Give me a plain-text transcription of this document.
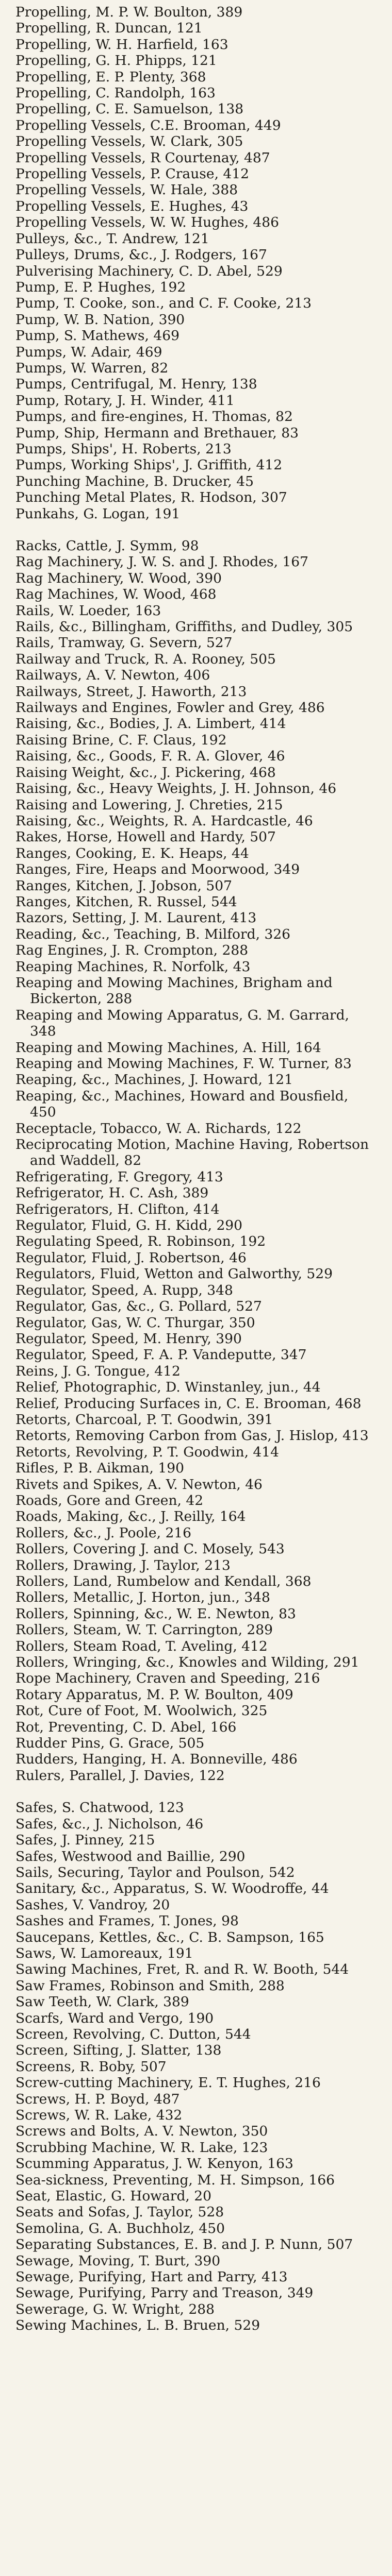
Propelling, M. P. W. Boulton, 389
Propelling, R. Duncan, 121
Propelling, W. H. Harfield, 163
Propelling, G. H. Phipps, 121
Propelling, E. P. Plenty, 368
Propelling, C. Randolph, 163
Propelling, C. E. Samuelson, 138
Propelling Vessels, C.E. Brooman, 449
Propelling Vessels, W. Clark, 305
Propelling Vessels, R Courtenay, 487
Propelling Vessels, P. Crause, 412
Propelling Vessels, W. Hale, 388
Propelling Vessels, E. Hughes, 43
Propelling Vessels, W. W. Hughes, 486
Pulleys, &c., T. Andrew, 121
Pulleys, Drums, &c., J. Rodgers, 167
Pulverising Machinery, C. D. Abel, 529
Pump, E. P. Hughes, 192
Pump, T. Cooke, son., and C. F. Cooke, 213
Pump, W. B. Nation, 390
Pump, S. Mathews, 469
Pumps, W. Adair, 469
Pumps, W. Warren, 82
Pumps, Centrifugal, M. Henry, 138
Pump, Rotary, J. H. Winder, 411
Pumps, and fire-engines, H. Thomas, 82
Pump, Ship, Hermann and Brethauer, 83
Pumps, Ships', H. Roberts, 213
Pumps, Working Ships', J. Griffith, 412
Punching Machine, B. Drucker, 45
Punching Metal Plates, R. Hodson, 307
Punkahs, G. Logan, 191
Racks, Cattle, J. Symm, 98
Rag Machinery, J. W. S. and J. Rhodes, 167
Rag Machinery, W. Wood, 390
Rag Machines, W. Wood, 468
Rails, W. Loeder, 163
Rails, &c., Billingham, Griffiths, and Dudley, 305
Rails, Tramway, G. Severn, 527
Railway and Truck, R. A. Rooney, 505
Railways, A. V. Newton, 406
Railways, Street, J. Haworth, 213
Railways and Engines, Fowler and Grey, 486
Raising, &c., Bodies, J. A. Limbert, 414
Raising Brine, C. F. Claus, 192
Raising, &c., Goods, F. R. A. Glover, 46
Raising Weight, &c., J. Pickering, 468
Raising, &c., Heavy Weights, J. H. Johnson, 46
Raising and Lowering, J. Chreties, 215
Raising, &c., Weights, R. A. Hardcastle, 46
Rakes, Horse, Howell and Hardy, 507
Ranges, Cooking, E. K. Heaps, 44
Ranges, Fire, Heaps and Moorwood, 349
Ranges, Kitchen, J. Jobson, 507
Ranges, Kitchen, R. Russel, 544
Razors, Setting, J. M. Laurent, 413
Reading, &c., Teaching, B. Milford, 326
Rag Engines, J. R. Crompton, 288
Reaping Machines, R. Norfolk, 43
Reaping and Mowing Machines, Brigham and Bickerton, 288
Reaping and Mowing Apparatus, G. M. Garrard, 348
Reaping and Mowing Machines, A. Hill, 164
Reaping and Mowing Machines, F. W. Turner, 83
Reaping, &c., Machines, J. Howard, 121
Reaping, &c., Machines, Howard and Bousfield, 450
Receptacle, Tobacco, W. A. Richards, 122
Reciprocating Motion, Machine Having, Robertson and Waddell, 82
Refrigerating, F. Gregory, 413
Refrigerator, H. C. Ash, 389
Refrigerators, H. Clifton, 414
Regulator, Fluid, G. H. Kidd, 290
Regulating Speed, R. Robinson, 192
Regulator, Fluid, J. Robertson, 46
Regulators, Fluid, Wetton and Galworthy, 529
Regulator, Speed, A. Rupp, 348
Regulator, Gas, &c., G. Pollard, 527
Regulator, Gas, W. C. Thurgar, 350
Regulator, Speed, M. Henry, 390
Regulator, Speed, F. A. P. Vandeputte, 347
Reins, J. G. Tongue, 412
Relief, Photographic, D. Winstanley, jun., 44
Relief, Producing Surfaces in, C. E. Brooman, 468
Retorts, Charcoal, P. T. Goodwin, 391
Retorts, Removing Carbon from Gas, J. Hislop, 413
Retorts, Revolving, P. T. Goodwin, 414
Rifles, P. B. Aikman, 190
Rivets and Spikes, A. V. Newton, 46
Roads, Gore and Green, 42
Roads, Making, &c., J. Reilly, 164
Rollers, &c., J. Poole, 216
Rollers, Covering J. and C. Mosely, 543
Rollers, Drawing, J. Taylor, 213
Rollers, Land, Rumbelow and Kendall, 368
Rollers, Metallic, J. Horton, jun., 348
Rollers, Spinning, &c., W. E. Newton, 83
Rollers, Steam, W. T. Carrington, 289
Rollers, Steam Road, T. Aveling, 412
Rollers, Wringing, &c., Knowles and Wilding, 291
Rope Machinery, Craven and Speeding, 216
Rotary Apparatus, M. P. W. Boulton, 409
Rot, Cure of Foot, M. Woolwich, 325
Rot, Preventing, C. D. Abel, 166
Rudder Pins, G. Grace, 505
Rudders, Hanging, H. A. Bonneville, 486
Rulers, Parallel, J. Davies, 122
Safes, S. Chatwood, 123
Safes, &c., J. Nicholson, 46
Safes, J. Pinney, 215
Safes, Westwood and Baillie, 290
Sails, Securing, Taylor and Poulson, 542
Sanitary, &c., Apparatus, S. W. Woodroffe, 44
Sashes, V. Vandroy, 20
Sashes and Frames, T. Jones, 98
Saucepans, Kettles, &c., C. B. Sampson, 165
Saws, W. Lamoreaux, 191
Sawing Machines, Fret, R. and R. W. Booth, 544
Saw Frames, Robinson and Smith, 288
Saw Teeth, W. Clark, 389
Scarfs, Ward and Vergo, 190
Screen, Revolving, C. Dutton, 544
Screen, Sifting, J. Slatter, 138
Screens, R. Boby, 507
Screw-cutting Machinery, E. T. Hughes, 216
Screws, H. P. Boyd, 487
Screws, W. R. Lake, 432
Screws and Bolts, A. V. Newton, 350
Scrubbing Machine, W. R. Lake, 123
Scumming Apparatus, J. W. Kenyon, 163
Sea-sickness, Preventing, M. H. Simpson, 166
Seat, Elastic, G. Howard, 20
Seats and Sofas, J. Taylor, 528
Semolina, G. A. Buchholz, 450
Separating Substances, E. B. and J. P. Nunn, 507
Sewage, Moving, T. Burt, 390
Sewage, Purifying, Hart and Parry, 413
Sewage, Purifying, Parry and Treason, 349
Sewerage, G. W. Wright, 288
Sewing Machines, L. B. Bruen, 529
